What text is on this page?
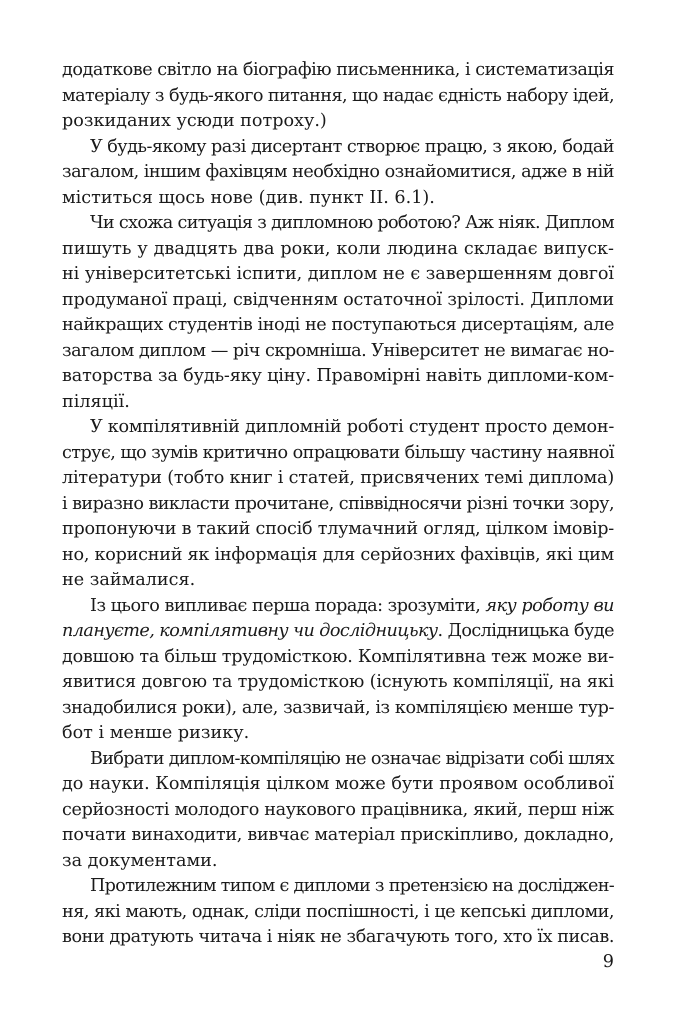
додаткове світло на біографію письменника, і систематизація
матеріалу з будь-якого питання, що надає єдність набору ідей,
розкиданих усюди потроху.)
У будь-якому разі дисертант створює працю, з якою, бодай
загалом, іншим фахівцям необхідно ознайомитися, адже в ній
міститься щось нове (див. пункт ІІ. 6.1).
Чи схожа ситуація з дипломною роботою? Аж ніяк. Диплом
пишуть у двадцять два роки, коли людина складає випуск-
ні університетські іспити, диплом не є завершенням довгої
продуманої праці, свідченням остаточної зрілості. Дипломи
найкращих студентів іноді не поступаються дисертаціям, але
загалом диплом — річ скромніша. Університет не вимагає но-
ваторства за будь-яку ціну. Правомірні навіть дипломи-ком-
піляції.
У компілятивній дипломній роботі студент просто демон-
струє, що зумів критично опрацювати більшу частину наявної
літератури (тобто книг і статей, присвячених темі диплома)
і виразно викласти прочитане, співвідносячи різні точки зору,
пропонуючи в такий спосіб тлумачний огляд, цілком імовір-
но, корисний як інформація для серйозних фахівців, які цим
не займалися.
Із цього випливає перша порада: зрозуміти, яку роботу ви
плануєте, компілятивну чи дослідницьку. Дослідницька буде
довшою та більш трудомісткою. Компілятивна теж може ви-
явитися довгою та трудомісткою (існують компіляції, на які
знадобилися роки), але, зазвичай, із компіляцією менше тур-
бот і менше ризику.
Вибрати диплом-компіляцію не означає відрізати собі шлях
до науки. Компіляція цілком може бути проявом особливої
серйозності молодого наукового працівника, який, перш ніж
почати винаходити, вивчає матеріал прискіпливо, докладно,
за документами.
Протилежним типом є дипломи з претензією на досліджен-
ня, які мають, однак, сліди поспішності, і це кепські дипломи,
вони дратують читача і ніяк не збагачують того, хто їх писав.
9
